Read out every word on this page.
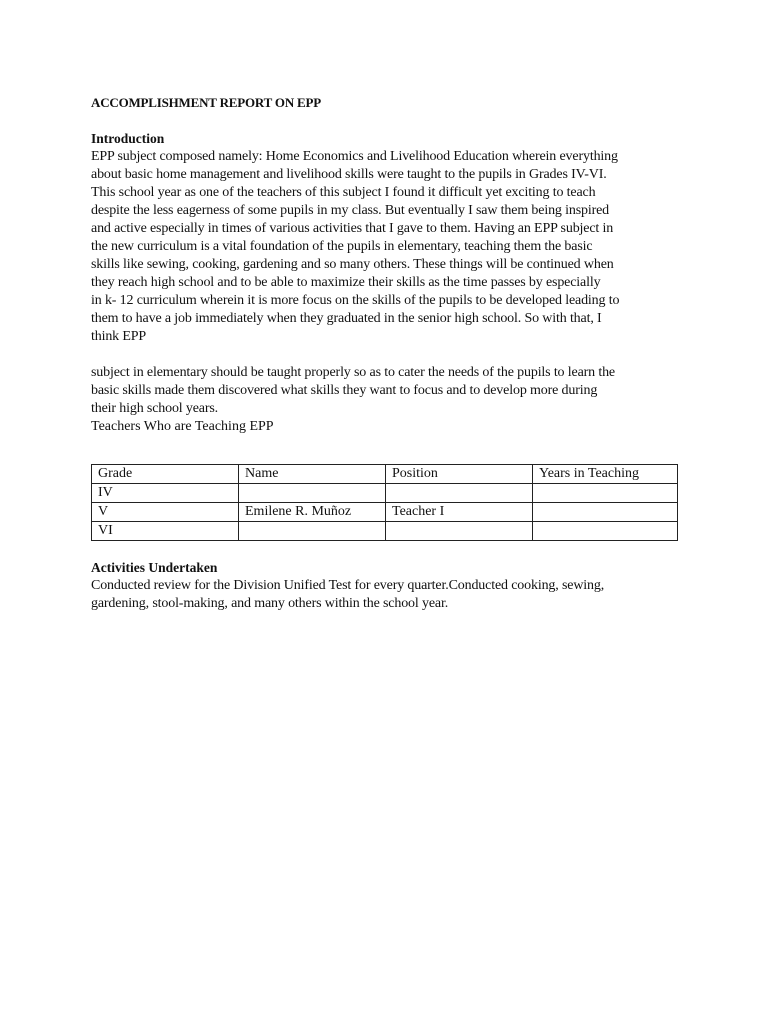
ACCOMPLISHMENT REPORT ON EPP

Introduction

EPP subject composed namely: Home Economics and Livelihood Education wherein everything
about basic home management and livelihood skills were taught to the pupils in Grades IV-VI.
This school year as one of the teachers of this subject I found it difficult yet exciting to teach
despite the less eagerness of some pupils in my class. But eventually I saw them being inspired
and active especially in times of various activities that I gave to them. Having an EPP subject in
the new curriculum is a vital foundation of the pupils in elementary, teaching them the basic
skills like sewing, cooking, gardening and so many others. These things will be continued when
they reach high school and to be able to maximize their skills as the time passes by especially
in k- 12 curriculum wherein it is more focus on the skills of the pupils to be developed leading to
them to have a job immediately when they graduated in the senior high school. So with that, I
think EPP

subject in elementary should be taught properly so as to cater the needs of the pupils to learn the
basic skills made them discovered what skills they want to focus and to develop more during
their high school years.

Teachers Who are Teaching EPP

Grade	Name	Position	Years in Teaching
IV			
V	Emilene R. Muñoz	Teacher I	
VI			

Activities Undertaken

Conducted review for the Division Unified Test for every quarter.Conducted cooking, sewing,
gardening, stool-making, and many others within the school year.
